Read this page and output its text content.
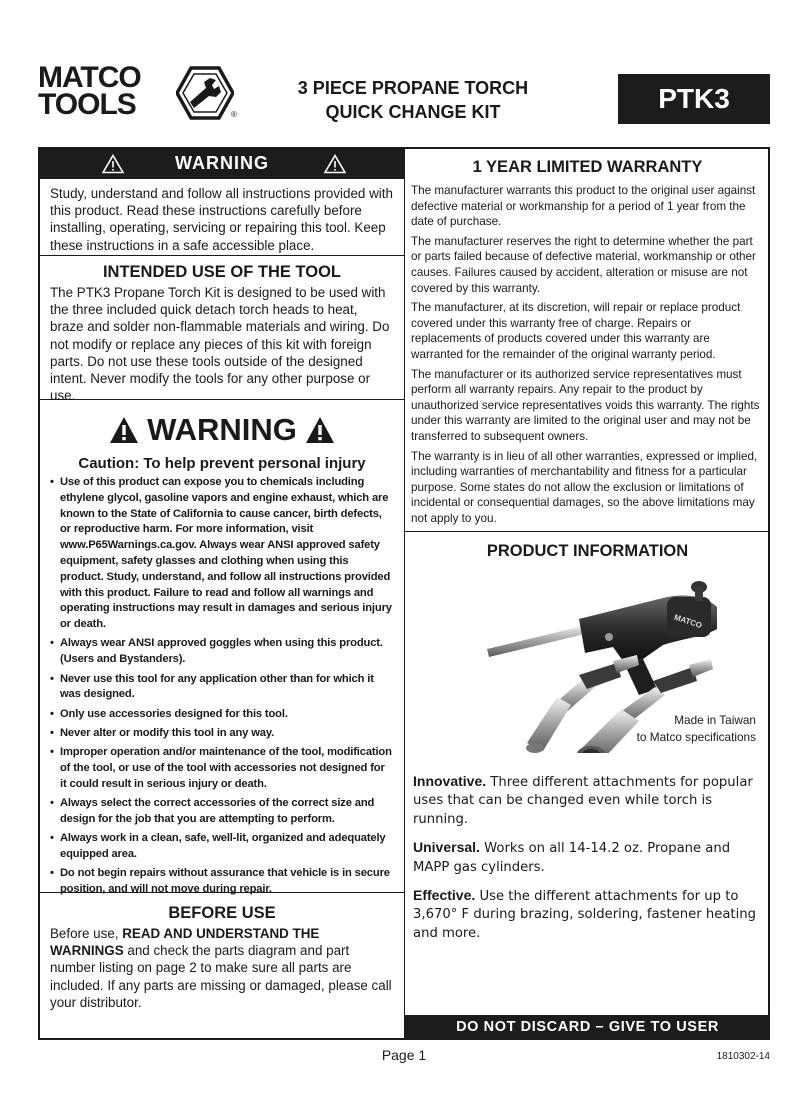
MATCO
TOOLS	®
3 PIECE PROPANE TORCH
QUICK CHANGE KIT	PTK3
WARNING
Study, understand and follow all instructions provided with this product. Read these instructions carefully before installing, operating, servicing or repairing this tool. Keep these instructions in a safe accessible place.
INTENDED USE OF THE TOOL
The PTK3 Propane Torch Kit is designed to be used with the three included quick detach torch heads to heat, braze and solder non-flammable materials and wiring. Do not modify or replace any pieces of this kit with foreign parts. Do not use these tools outside of the designed intent. Never modify the tools for any other purpose or use.
WARNING
Caution: To help prevent personal injury
• Use of this product can expose you to chemicals including ethylene glycol, gasoline vapors and engine exhaust, which are known to the State of California to cause cancer, birth defects, or reproductive harm. For more information, visit www.P65Warnings.ca.gov. Always wear ANSI approved safety equipment, safety glasses and clothing when using this product. Study, understand, and follow all instructions provided with this product. Failure to read and follow all warnings and operating instructions may result in damages and serious injury or death.
• Always wear ANSI approved goggles when using this product. (Users and Bystanders).
• Never use this tool for any application other than for which it was designed.
• Only use accessories designed for this tool.
• Never alter or modify this tool in any way.
• Improper operation and/or maintenance of the tool, modification of the tool, or use of the tool with accessories not designed for it could result in serious injury or death.
• Always select the correct accessories of the correct size and design for the job that you are attempting to perform.
• Always work in a clean, safe, well-lit, organized and adequately equipped area.
• Do not begin repairs without assurance that vehicle is in secure position, and will not move during repair.
BEFORE USE
Before use, READ AND UNDERSTAND THE WARNINGS and check the parts diagram and part number listing on page 2 to make sure all parts are included. If any parts are missing or damaged, please call your distributor.
1 YEAR LIMITED WARRANTY

The manufacturer warrants this product to the original user against defective material or workmanship for a period of 1 year from the date of purchase.

The manufacturer reserves the right to determine whether the part or parts failed because of defective material, workmanship or other causes. Failures caused by accident, alteration or misuse are not covered by this warranty.

The manufacturer, at its discretion, will repair or replace product covered under this warranty free of charge. Repairs or replacements of products covered under this warranty are warranted for the remainder of the original warranty period.

The manufacturer or its authorized service representatives must perform all warranty repairs. Any repair to the product by unauthorized service representatives voids this warranty. The rights under this warranty are limited to the original user and may not be transferred to subsequent owners.

The warranty is in lieu of all other warranties, expressed or implied, including warranties of merchantability and fitness for a particular purpose. Some states do not allow the exclusion or limitations of incidental or consequential damages, so the above limitations may not apply to you.

PRODUCT INFORMATION
MATCO
Made in Taiwan
to Matco specifications

Innovative. Three different attachments for popular uses that can be changed even while torch is running.

Universal. Works on all 14-14.2 oz. Propane and MAPP gas cylinders.

Effective. Use the different attachments for up to 3,670° F during brazing, soldering, fastener heating and more.

DO NOT DISCARD – GIVE TO USER
Page 1	1810302-14
